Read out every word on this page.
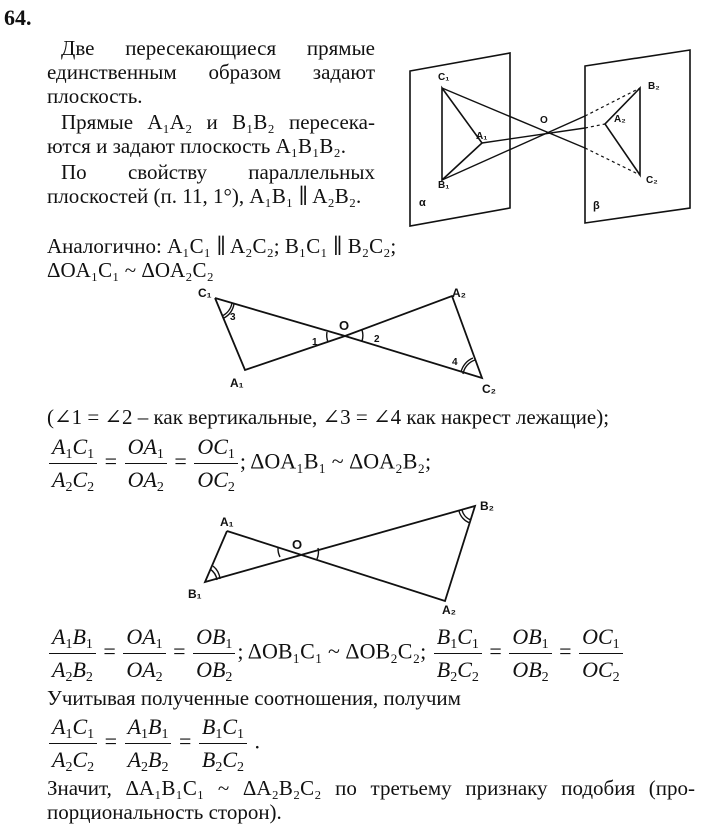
64.
Две пересекающиеся прямые
единственным образом задают
плоскость.
Прямые A₁A₂ и B₁B₂ пересека-
ются и задают плоскость A₁B₁B₂.
По свойству параллельных
плоскостей (п. 11, 1°), A₁B₁ ∥ A₂B₂.
C₁
A₁
B₁
O
B₂
A₂
C₂
α	β
Аналогично: A₁C₁ ∥ A₂C₂; B₁C₁ ∥ B₂C₂;
ΔOA₁C₁ ~ ΔOA₂C₂
C₁
A₁
O
A₂
C₂
1	2
3
4
(∠1 = ∠2 – как вертикальные, ∠3 = ∠4 как накрест лежащие);
$\frac{A_1C_1}{A_2C_2} = \frac{OA_1}{OA_2} = \frac{OC_1}{OC_2}$ ; ΔOA₁B₁ ~ ΔOA₂B₂;
A₁
B₁
O
B₂
A₂
$\frac{A_1B_1}{A_2B_2} = \frac{OA_1}{OA_2} = \frac{OB_1}{OB_2}$ ; ΔOB₁C₁ ~ ΔOB₂C₂; $\frac{B_1C_1}{B_2C_2} = \frac{OB_1}{OB_2} = \frac{OC_1}{OC_2}$
Учитывая полученные соотношения, получим
$\frac{A_1C_1}{A_2C_2} = \frac{A_1B_1}{A_2B_2} = \frac{B_1C_1}{B_2C_2}$ .
Значит, ΔA₁B₁C₁ ~ ΔA₂B₂C₂ по третьему признаку подобия (про-
порциональность сторон).
